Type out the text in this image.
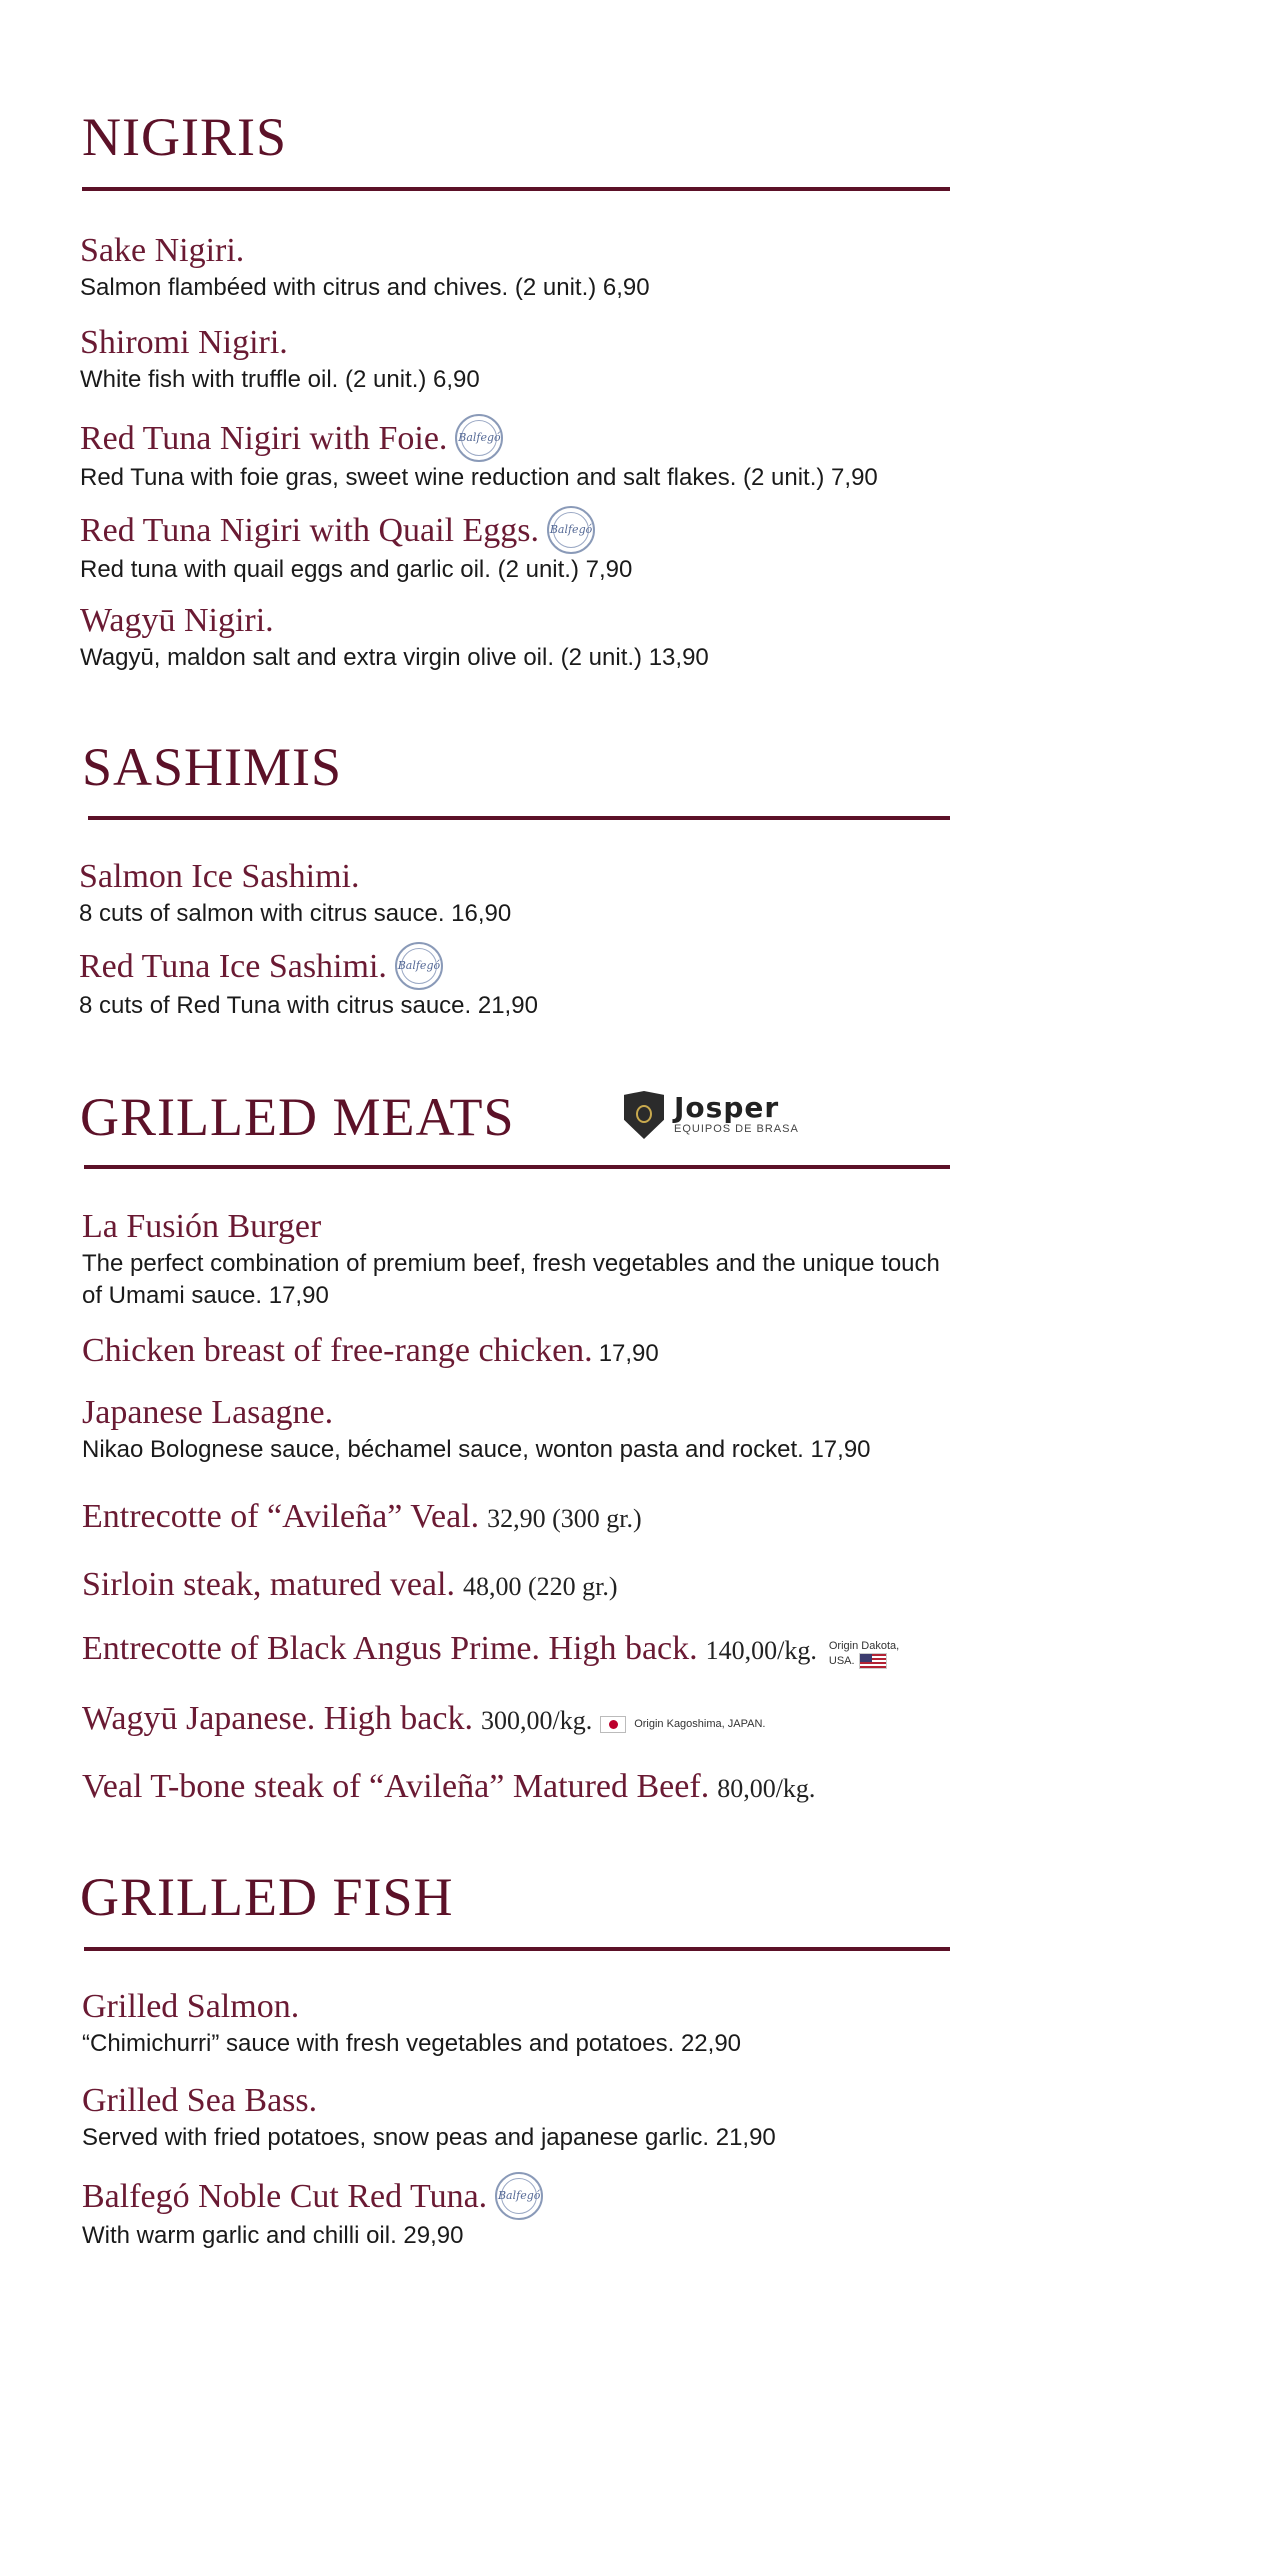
NIGIRIS
Sake Nigiri.
Salmon flambéed with citrus and chives. (2 unit.) 6,90
Shiromi Nigiri.
White fish with truffle oil. (2 unit.) 6,90
Red Tuna Nigiri with Foie. Balfegó
Red Tuna with foie gras, sweet wine reduction and salt flakes. (2 unit.) 7,90
Red Tuna Nigiri with Quail Eggs. Balfegó
Red tuna with quail eggs and garlic oil. (2 unit.) 7,90
Wagyū Nigiri.
Wagyū, maldon salt and extra virgin olive oil. (2 unit.) 13,90
SASHIMIS
Salmon Ice Sashimi.
8 cuts of salmon with citrus sauce. 16,90
Red Tuna Ice Sashimi. Balfegó
8 cuts of Red Tuna with citrus sauce. 21,90
GRILLED MEATS	Josper
EQUIPOS DE BRASA
La Fusión Burger
The perfect combination of premium beef, fresh vegetables and the unique touch of Umami sauce. 17,90
Chicken breast of free-range chicken. 17,90
Japanese Lasagne.
Nikao Bolognese sauce, béchamel sauce, wonton pasta and rocket. 17,90
Entrecotte of “Avileña” Veal. 32,90 (300 gr.)
Sirloin steak, matured veal. 48,00 (220 gr.)
Entrecotte of Black Angus Prime. High back. 140,00/kg. Origin Dakota,
USA.
Wagyū Japanese. High back. 300,00/kg.	Origin Kagoshima, JAPAN.
Veal T-bone steak of “Avileña” Matured Beef. 80,00/kg.
GRILLED FISH
Grilled Salmon.
“Chimichurri” sauce with fresh vegetables and potatoes. 22,90
Grilled Sea Bass.
Served with fried potatoes, snow peas and japanese garlic. 21,90
Balfegó Noble Cut Red Tuna. Balfegó
With warm garlic and chilli oil. 29,90
